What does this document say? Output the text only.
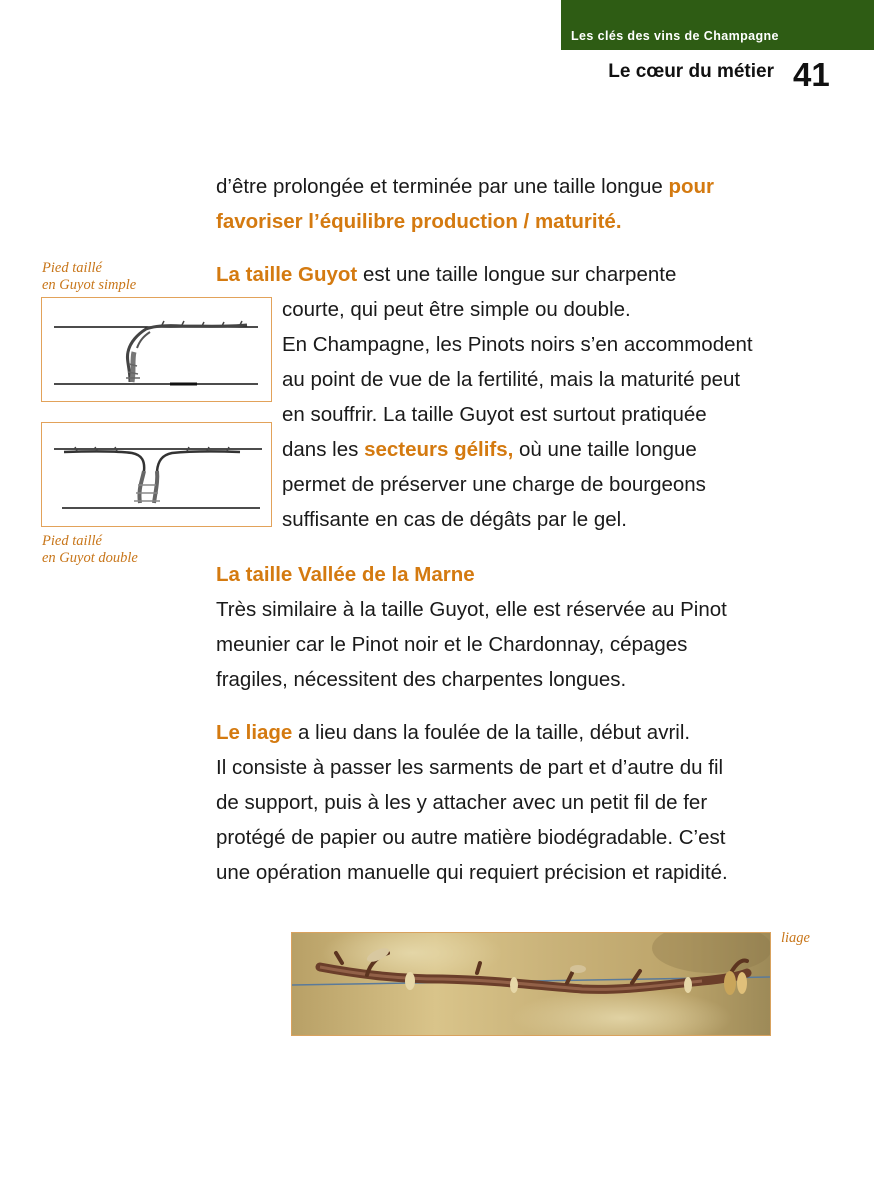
Les clés des vins de Champagne
Le cœur du métier 41
d’être prolongée et terminée par une taille longue pour
favoriser l’équilibre production / maturité.
La taille Guyot est une taille longue sur charpente
courte, qui peut être simple ou double.
En Champagne, les Pinots noirs s’en accommodent
au point de vue de la fertilité, mais la maturité peut
en souffrir. La taille Guyot est surtout pratiquée
dans les secteurs gélifs, où une taille longue
permet de préserver une charge de bourgeons
suffisante en cas de dégâts par le gel.
Pied taillé
en Guyot simple
Pied taillé
en Guyot double
La taille Vallée de la Marne
Très similaire à la taille Guyot, elle est réservée au Pinot
meunier car le Pinot noir et le Chardonnay, cépages
fragiles, nécessitent des charpentes longues.
Le liage a lieu dans la foulée de la taille, début avril.
Il consiste à passer les sarments de part et d’autre du fil
de support, puis à les y attacher avec un petit fil de fer
protégé de papier ou autre matière biodégradable. C’est
une opération manuelle qui requiert précision et rapidité.
liage
